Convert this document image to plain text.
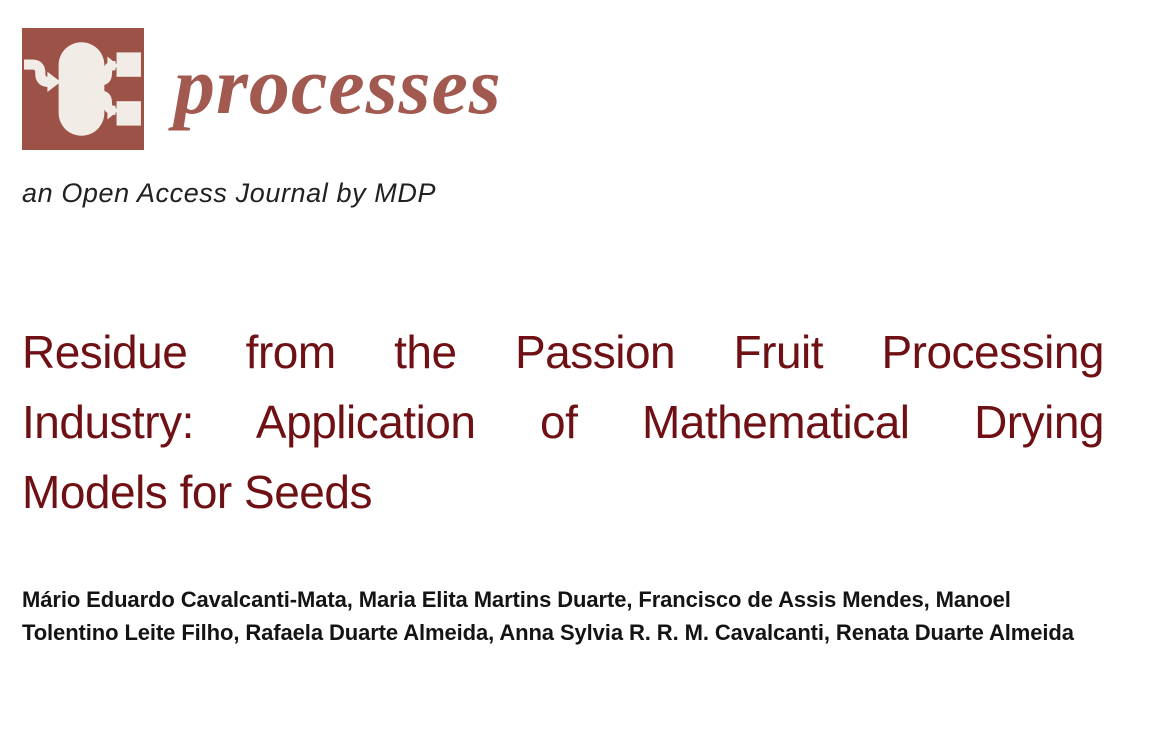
processes
an Open Access Journal by MDP
Residue from the Passion Fruit Processing
Industry: Application of Mathematical Drying
Models for Seeds

Mário Eduardo Cavalcanti-Mata, Maria Elita Martins Duarte, Francisco de Assis Mendes, Manoel Tolentino Leite Filho, Rafaela Duarte Almeida, Anna Sylvia R. R. M. Cavalcanti, Renata Duarte Almeida
